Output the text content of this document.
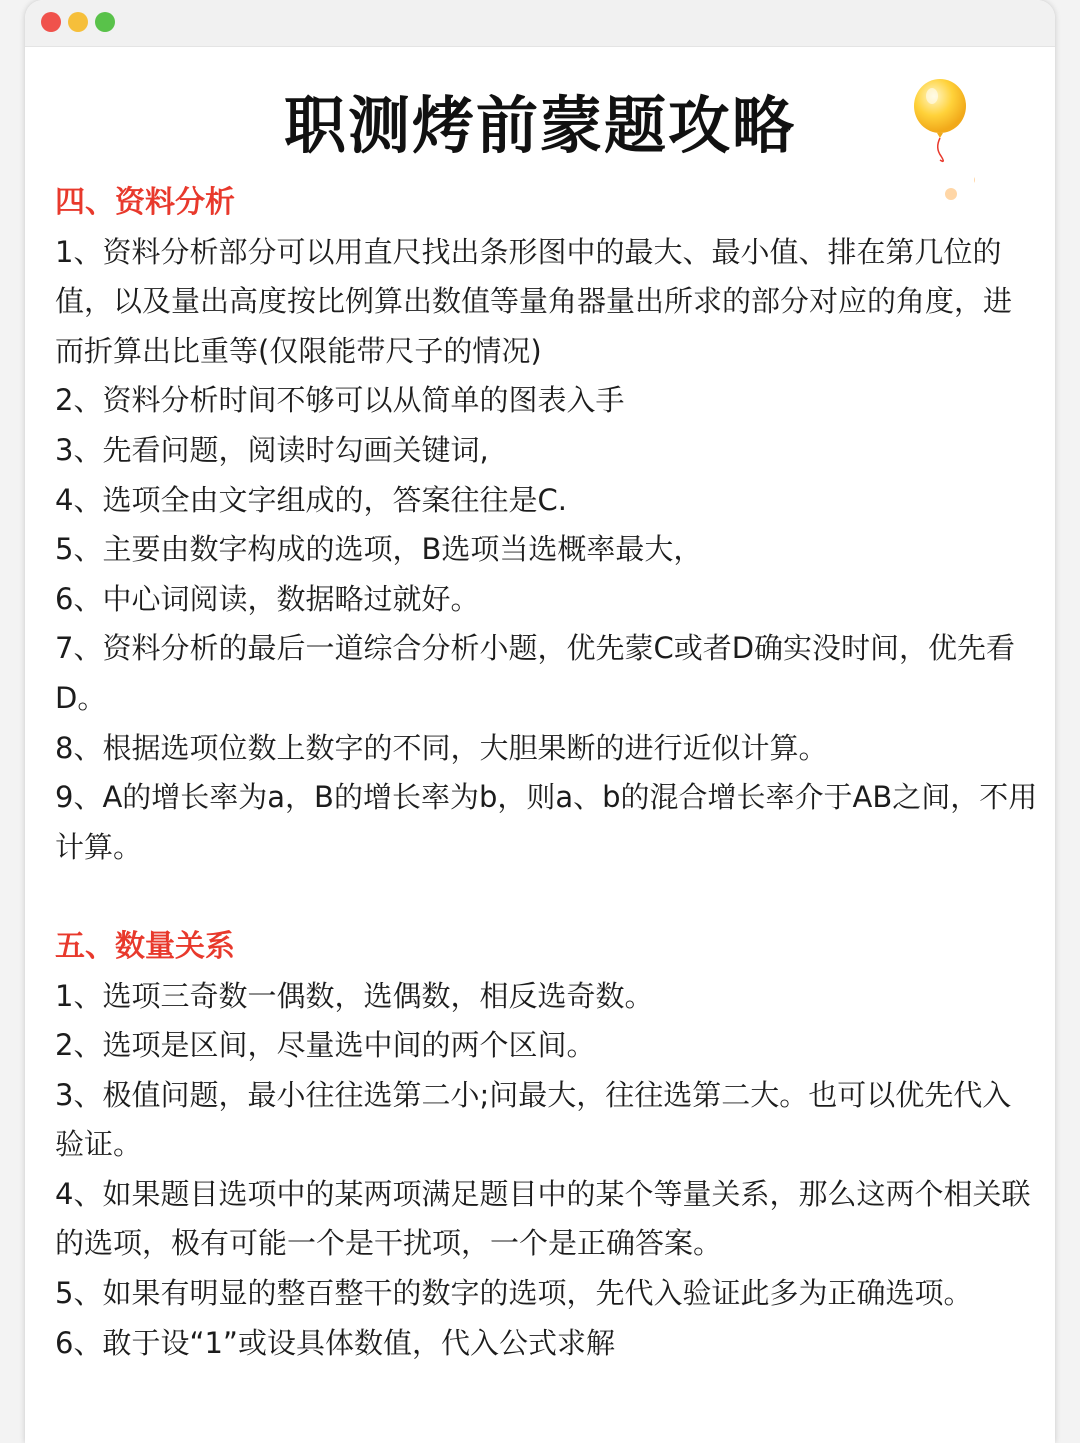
职测烤前蒙题攻略

四、资料分析

1、资料分析部分可以用直尺找出条形图中的最大、最小值、排在第几位的值，以及量出高度按比例算出数值等量角器量出所求的部分对应的角度，进而折算出比重等(仅限能带尺子的情况)

2、资料分析时间不够可以从简单的图表入手

3、先看问题，阅读时勾画关键词,

4、选项全由文字组成的，答案往往是C.

5、主要由数字构成的选项，B选项当选概率最大，

6、中心词阅读，数据略过就好。

7、资料分析的最后一道综合分析小题，优先蒙C或者D确实没时间，优先看D。

8、根据选项位数上数字的不同，大胆果断的进行近似计算。

9、A的增长率为a，B的增长率为b，则a、b的混合增长率介于AB之间，不用计算。

五、数量关系

1、选项三奇数一偶数，选偶数，相反选奇数。

2、选项是区间，尽量选中间的两个区间。

3、极值问题，最小往往选第二小;问最大，往往选第二大。也可以优先代入验证。

4、如果题目选项中的某两项满足题目中的某个等量关系，那么这两个相关联的选项，极有可能一个是干扰项，一个是正确答案。

5、如果有明显的整百整干的数字的选项，先代入验证此多为正确选项。

6、敢于设“1”或设具体数值，代入公式求解
